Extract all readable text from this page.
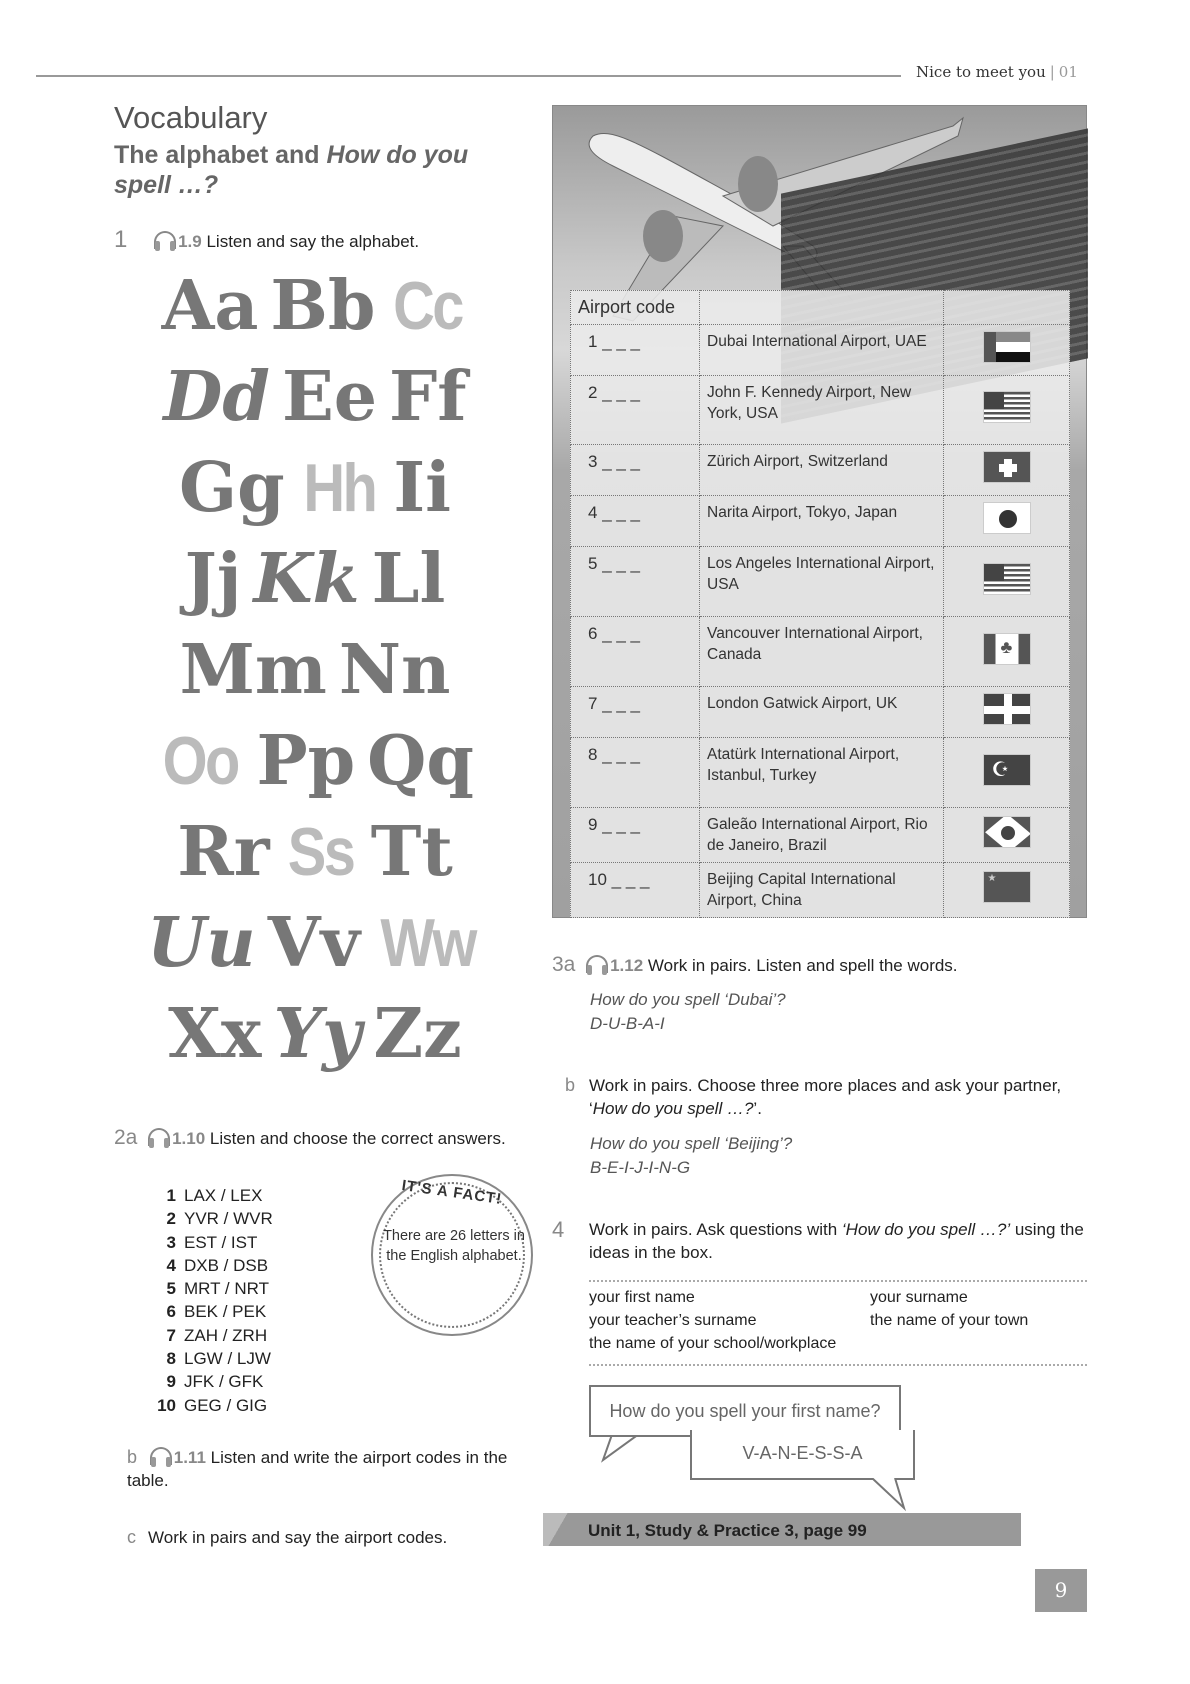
Nice to meet you | 01
Vocabulary
The alphabet and How do you spell …?
1	1.9 Listen and say the alphabet.
Aa Bb Cc
Dd Ee Ff
Gg Hh Ii
Jj Kk Ll
Mm Nn
Oo Pp Qq
Rr Ss Tt
Uu Vv Ww
Xx Yy Zz
Airport code		
1 _ _ _	Dubai International Airport, UAE	
2 _ _ _	John F. Kennedy Airport, New York, USA	
3 _ _ _	Zürich Airport, Switzerland	
4 _ _ _	Narita Airport, Tokyo, Japan	
5 _ _ _	Los Angeles International Airport, USA	
6 _ _ _	Vancouver International Airport, Canada	♣
7 _ _ _	London Gatwick Airport, UK	
8 _ _ _	Atatürk International Airport, Istanbul, Turkey	☪
9 _ _ _	Galeão International Airport, Rio de Janeiro, Brazil	
10 _ _ _	Beijing Capital International Airport, China	★
2a 1.10 Listen and choose the correct answers.
1 LAX / LEX
2 YVR / WVR
3 EST / IST
4 DXB / DSB
5 MRT / NRT
6 BEK / PEK
7 ZAH / ZRH
8 LGW / LJW
9 JFK / GFK
10 GEG / GIG
IT'S A FACT!
There are 26 letters in the English alphabet.
b 1.11 Listen and write the airport codes in the table.
c Work in pairs and say the airport codes.
3a 1.12 Work in pairs. Listen and spell the words.
How do you spell ‘Dubai’?
D-U-B-A-I
b Work in pairs. Choose three more places and ask your partner, ‘How do you spell …?’.
How do you spell ‘Beijing’?
B-E-I-J-I-N-G
4 Work in pairs. Ask questions with ‘How do you spell …?’ using the ideas in the box.
your first name
your teacher’s surname
the name of your school/workplace
your surname
the name of your town
How do you spell your first name?
V-A-N-E-S-S-A
Unit 1, Study & Practice 3, page 99
9
